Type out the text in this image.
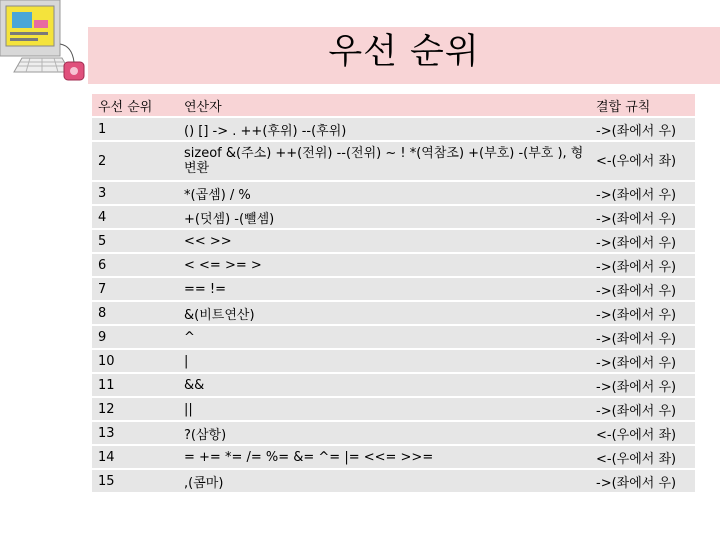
우선 순위
우선 순위	연산자	결합 규칙
1	() [] -> . ++(후위) --(후위)	->(좌에서 우)
2	sizeof &(주소) ++(전위) --(전위) ~ ! *(역참조) +(부호) -(부호 ), 형변환	<-(우에서 좌)
3	*(곱셈) / %	->(좌에서 우)
4	+(덧셈) -(뺄셈)	->(좌에서 우)
5	<< >>	->(좌에서 우)
6	< <= >= >	->(좌에서 우)
7	== !=	->(좌에서 우)
8	&(비트연산)	->(좌에서 우)
9	^	->(좌에서 우)
10	|	->(좌에서 우)
11	&&	->(좌에서 우)
12	||	->(좌에서 우)
13	?(삼항)	<-(우에서 좌)
14	= += *= /= %= &= ^= |= <<= >>=	<-(우에서 좌)
15	,(콤마)	->(좌에서 우)
